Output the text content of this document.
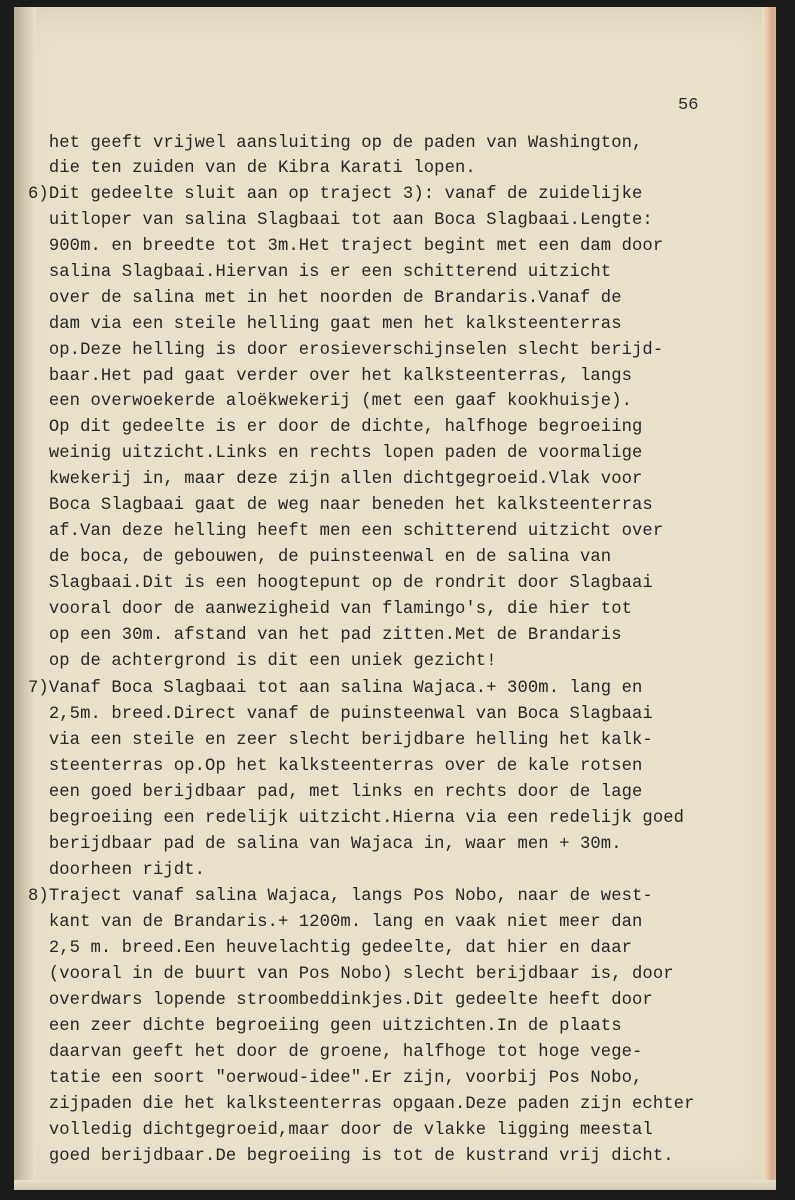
56
het geeft vrijwel aansluiting op de paden van Washington,
die ten zuiden van de Kibra Karati lopen.
6)Dit gedeelte sluit aan op traject 3): vanaf de zuidelijke
uitloper van salina Slagbaai tot aan Boca Slagbaai.Lengte:
900m. en breedte tot 3m.Het traject begint met een dam door
salina Slagbaai.Hiervan is er een schitterend uitzicht
over de salina met in het noorden de Brandaris.Vanaf de
dam via een steile helling gaat men het kalksteenterras
op.Deze helling is door erosieverschijnselen slecht berijd-
baar.Het pad gaat verder over het kalksteenterras, langs
een overwoekerde aloëkwekerij (met een gaaf kookhuisje).
Op dit gedeelte is er door de dichte, halfhoge begroeiing
weinig uitzicht.Links en rechts lopen paden de voormalige
kwekerij in, maar deze zijn allen dichtgegroeid.Vlak voor
Boca Slagbaai gaat de weg naar beneden het kalksteenterras
af.Van deze helling heeft men een schitterend uitzicht over
de boca, de gebouwen, de puinsteenwal en de salina van
Slagbaai.Dit is een hoogtepunt op de rondrit door Slagbaai
vooral door de aanwezigheid van flamingo's, die hier tot
op een 30m. afstand van het pad zitten.Met de Brandaris
op de achtergrond is dit een uniek gezicht!
7)Vanaf Boca Slagbaai tot aan salina Wajaca.+ 300m. lang en
2,5m. breed.Direct vanaf de puinsteenwal van Boca Slagbaai
via een steile en zeer slecht berijdbare helling het kalk-
steenterras op.Op het kalksteenterras over de kale rotsen
een goed berijdbaar pad, met links en rechts door de lage
begroeiing een redelijk uitzicht.Hierna via een redelijk goed
berijdbaar pad de salina van Wajaca in, waar men + 30m.
doorheen rijdt.
8)Traject vanaf salina Wajaca, langs Pos Nobo, naar de west-
kant van de Brandaris.+ 1200m. lang en vaak niet meer dan
2,5 m. breed.Een heuvelachtig gedeelte, dat hier en daar
(vooral in de buurt van Pos Nobo) slecht berijdbaar is, door
overdwars lopende stroombeddinkjes.Dit gedeelte heeft door
een zeer dichte begroeiing geen uitzichten.In de plaats
daarvan geeft het door de groene, halfhoge tot hoge vege-
tatie een soort "oerwoud-idee".Er zijn, voorbij Pos Nobo,
zijpaden die het kalksteenterras opgaan.Deze paden zijn echter
volledig dichtgegroeid,maar door de vlakke ligging meestal
goed berijdbaar.De begroeiing is tot de kustrand vrij dicht.
